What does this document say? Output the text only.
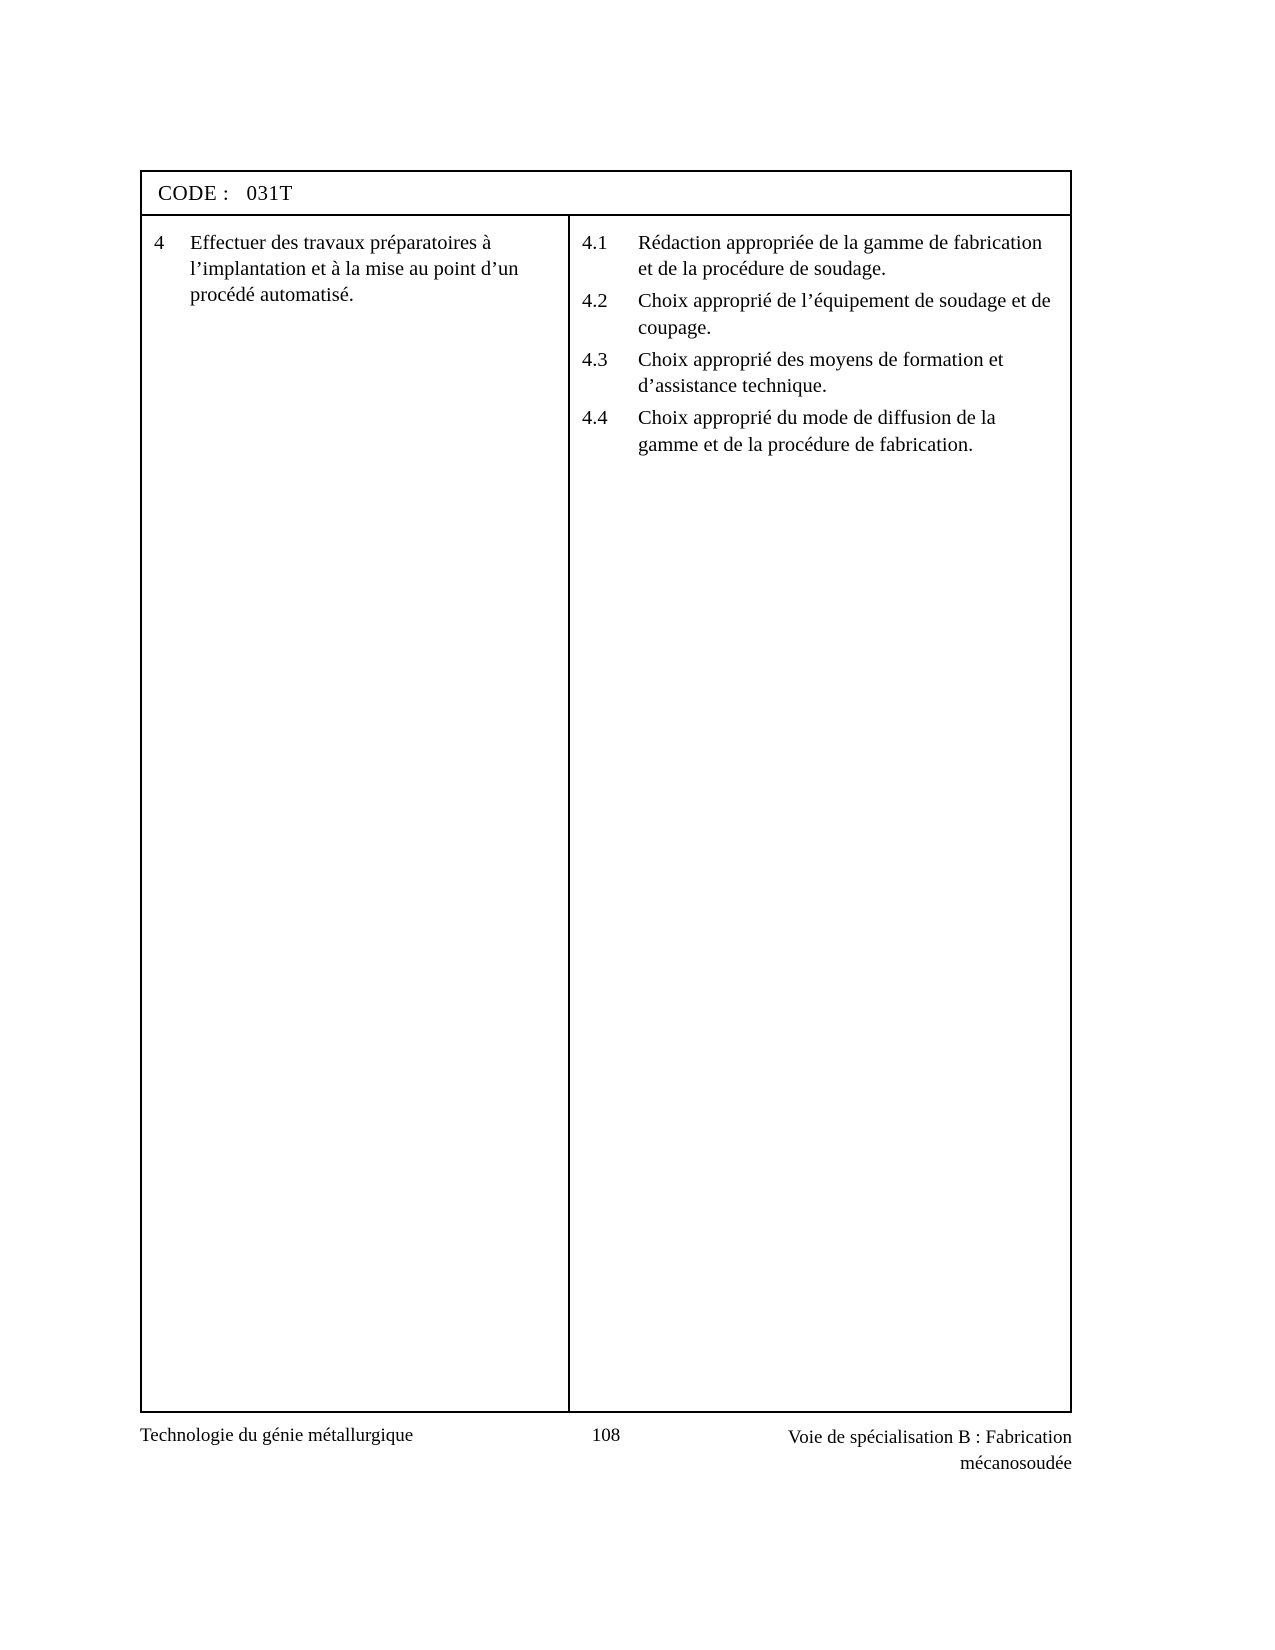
CODE : 031T
4	Effectuer des travaux préparatoires à l’implantation et à la mise au point d’un procédé automatisé.
4.1	Rédaction appropriée de la gamme de fabrication et de la procédure de soudage.
4.2	Choix approprié de l’équipement de soudage et de coupage.
4.3	Choix approprié des moyens de formation et d’assistance technique.
4.4	Choix approprié du mode de diffusion de la gamme et de la procédure de fabrication.
Technologie du génie métallurgique	108	Voie de spécialisation B : Fabrication mécanosoudée
